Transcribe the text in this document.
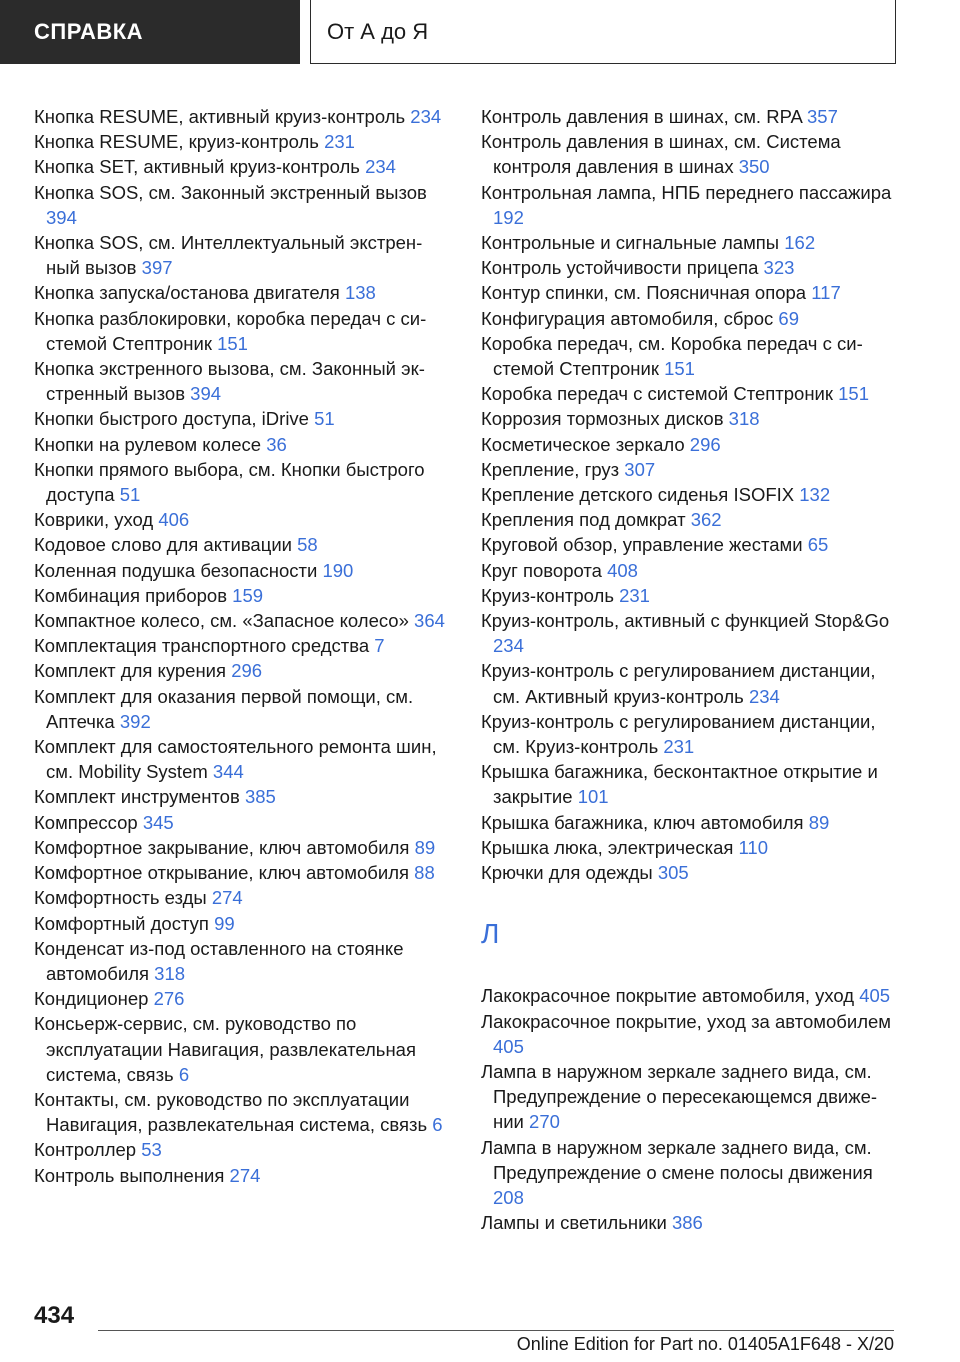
СПРАВКА	От А до Я
Кнопка RESUME, активный круиз-контроль 234
Кнопка RESUME, круиз-контроль 231
Кнопка SET, активный круиз-контроль 234
Кнопка SOS, см. Законный экстренный вызов 394
Кнопка SOS, см. Интеллектуальный экстренный вызов 397
Кнопка запуска/останова двигателя 138
Кнопка разблокировки, коробка передач с системой Стептроник 151
Кнопка экстренного вызова, см. Законный экстренный вызов 394
Кнопки быстрого доступа, iDrive 51
Кнопки на рулевом колесе 36
Кнопки прямого выбора, см. Кнопки быстрого доступа 51
Коврики, уход 406
Кодовое слово для активации 58
Коленная подушка безопасности 190
Комбинация приборов 159
Компактное колесо, см. «Запасное колесо» 364
Комплектация транспортного средства 7
Комплект для курения 296
Комплект для оказания первой помощи, см. Аптечка 392
Комплект для самостоятельного ремонта шин, см. Mobility System 344
Комплект инструментов 385
Компрессор 345
Комфортное закрывание, ключ автомобиля 89
Комфортное открывание, ключ автомобиля 88
Комфортность езды 274
Комфортный доступ 99
Конденсат из-под оставленного на стоянке автомобиля 318
Кондиционер 276
Консьерж-сервис, см. руководство по эксплуатации Навигация, развлекательная система, связь 6
Контакты, см. руководство по эксплуатации Навигация, развлекательная система, связь 6
Контроллер 53
Контроль выполнения 274
Контроль давления в шинах, см. RPA 357
Контроль давления в шинах, см. Система контроля давления в шинах 350
Контрольная лампа, НПБ переднего пассажира 192
Контрольные и сигнальные лампы 162
Контроль устойчивости прицепа 323
Контур спинки, см. Поясничная опора 117
Конфигурация автомобиля, сброс 69
Коробка передач, см. Коробка передач с системой Стептроник 151
Коробка передач с системой Стептроник 151
Коррозия тормозных дисков 318
Косметическое зеркало 296
Крепление, груз 307
Крепление детского сиденья ISOFIX 132
Крепления под домкрат 362
Круговой обзор, управление жестами 65
Круг поворота 408
Круиз-контроль 231
Круиз-контроль, активный с функцией Stop&Go 234
Круиз-контроль с регулированием дистанции, см. Активный круиз-контроль 234
Круиз-контроль с регулированием дистанции, см. Круиз-контроль 231
Крышка багажника, бесконтактное открытие и закрытие 101
Крышка багажника, ключ автомобиля 89
Крышка люка, электрическая 110
Крючки для одежды 305
Л
Лакокрасочное покрытие автомобиля, уход 405
Лакокрасочное покрытие, уход за автомобилем 405
Лампа в наружном зеркале заднего вида, см. Предупреждение о пересекающемся движении 270
Лампа в наружном зеркале заднего вида, см. Предупреждение о смене полосы движения 208
Лампы и светильники 386
434
Online Edition for Part no. 01405A1F648 - X/20
